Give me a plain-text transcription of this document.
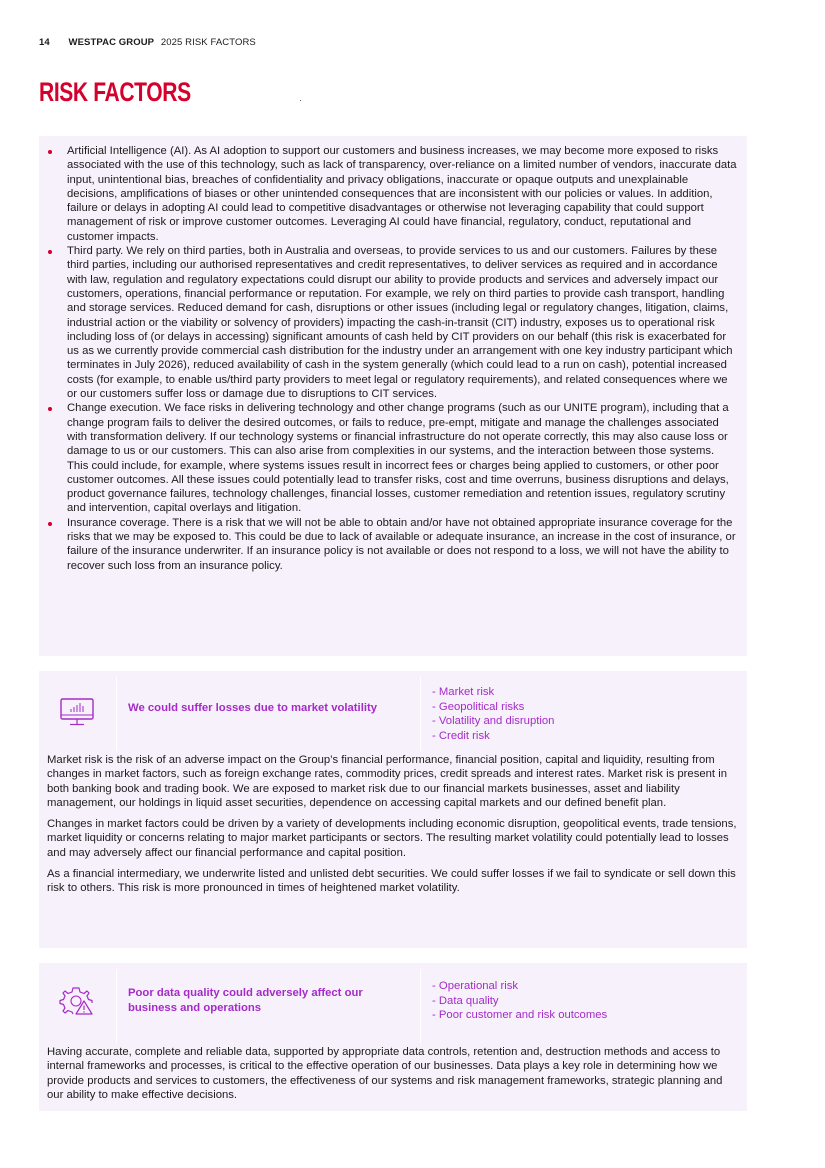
14 WESTPAC GROUP 2025 RISK FACTORS
RISK FACTORS
Artificial Intelligence (AI). As AI adoption to support our customers and business increases, we may become more exposed to risks associated with the use of this technology, such as lack of transparency, over-reliance on a limited number of vendors, inaccurate data input, unintentional bias, breaches of confidentiality and privacy obligations, inaccurate or opaque outputs and unexplainable decisions, amplifications of biases or other unintended consequences that are inconsistent with our policies or values. In addition, failure or delays in adopting AI could lead to competitive disadvantages or otherwise not leveraging capability that could support management of risk or improve customer outcomes. Leveraging AI could have financial, regulatory, conduct, reputational and customer impacts.
Third party. We rely on third parties, both in Australia and overseas, to provide services to us and our customers. Failures by these third parties, including our authorised representatives and credit representatives, to deliver services as required and in accordance with law, regulation and regulatory expectations could disrupt our ability to provide products and services and adversely impact our customers, operations, financial performance or reputation. For example, we rely on third parties to provide cash transport, handling and storage services. Reduced demand for cash, disruptions or other issues (including legal or regulatory changes, litigation, claims, industrial action or the viability or solvency of providers) impacting the cash-in-transit (CIT) industry, exposes us to operational risk including loss of (or delays in accessing) significant amounts of cash held by CIT providers on our behalf (this risk is exacerbated for us as we currently provide commercial cash distribution for the industry under an arrangement with one key industry participant which terminates in July 2026), reduced availability of cash in the system generally (which could lead to a run on cash), potential increased costs (for example, to enable us/third party providers to meet legal or regulatory requirements), and related consequences where we or our customers suffer loss or damage due to disruptions to CIT services.
Change execution. We face risks in delivering technology and other change programs (such as our UNITE program), including that a change program fails to deliver the desired outcomes, or fails to reduce, pre-empt, mitigate and manage the challenges associated with transformation delivery. If our technology systems or financial infrastructure do not operate correctly, this may also cause loss or damage to us or our customers. This can also arise from complexities in our systems, and the interaction between those systems. This could include, for example, where systems issues result in incorrect fees or charges being applied to customers, or other poor customer outcomes. All these issues could potentially lead to transfer risks, cost and time overruns, business disruptions and delays, product governance failures, technology challenges, financial losses, customer remediation and retention issues, regulatory scrutiny and intervention, capital overlays and litigation.
Insurance coverage. There is a risk that we will not be able to obtain and/or have not obtained appropriate insurance coverage for the risks that we may be exposed to. This could be due to lack of available or adequate insurance, an increase in the cost of insurance, or failure of the insurance underwriter. If an insurance policy is not available or does not respond to a loss, we will not have the ability to recover such loss from an insurance policy.
We could suffer losses due to market volatility
- Market risk
- Geopolitical risks
- Volatility and disruption
- Credit risk

Market risk is the risk of an adverse impact on the Group’s financial performance, financial position, capital and liquidity, resulting from changes in market factors, such as foreign exchange rates, commodity prices, credit spreads and interest rates. Market risk is present in both banking book and trading book. We are exposed to market risk due to our financial markets businesses, asset and liability management, our holdings in liquid asset securities, dependence on accessing capital markets and our defined benefit plan.

Changes in market factors could be driven by a variety of developments including economic disruption, geopolitical events, trade tensions, market liquidity or concerns relating to major market participants or sectors. The resulting market volatility could potentially lead to losses and may adversely affect our financial performance and capital position.

As a financial intermediary, we underwrite listed and unlisted debt securities. We could suffer losses if we fail to syndicate or sell down this risk to others. This risk is more pronounced in times of heightened market volatility.

Poor data quality could adversely affect our business and operations
- Operational risk
- Data quality
- Poor customer and risk outcomes

Having accurate, complete and reliable data, supported by appropriate data controls, retention and, destruction methods and access to internal frameworks and processes, is critical to the effective operation of our businesses. Data plays a key role in determining how we provide products and services to customers, the effectiveness of our systems and risk management frameworks, strategic planning and our ability to make effective decisions.
